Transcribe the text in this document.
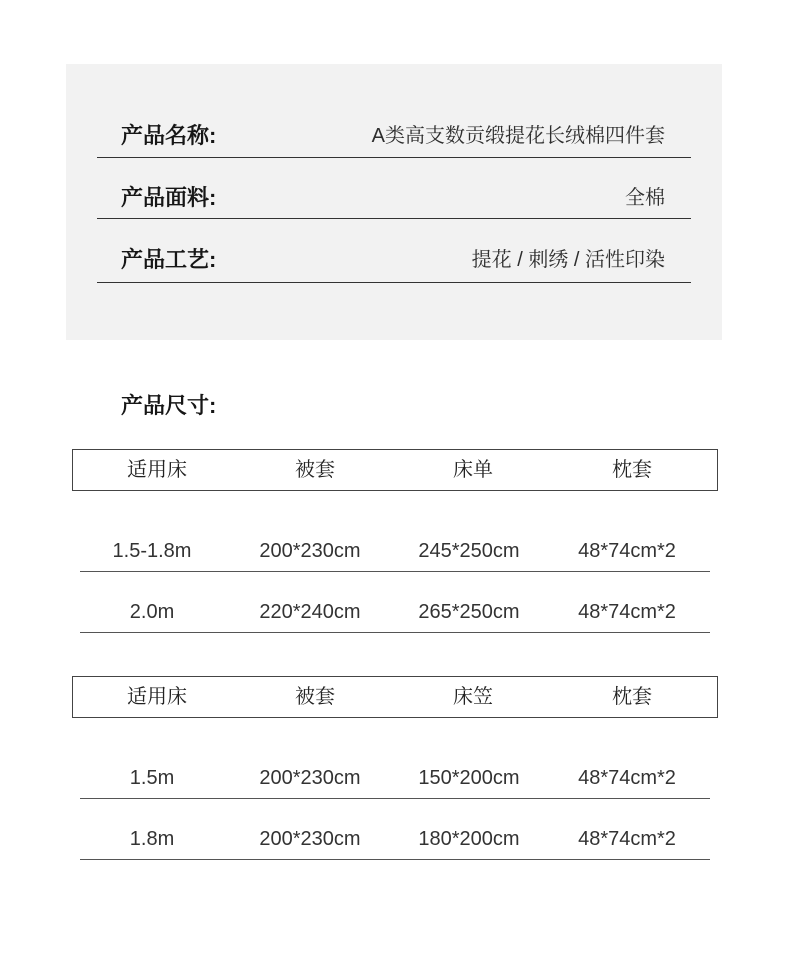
产品名称:	A类高支数贡缎提花长绒棉四件套
产品面料:	全棉
产品工艺:	提花 / 刺绣 / 活性印染
产品尺寸:
适用床	被套	床单	枕套
1.5-1.8m	200*230cm	245*250cm	48*74cm*2
2.0m	220*240cm	265*250cm	48*74cm*2
适用床	被套	床笠	枕套
1.5m	200*230cm	150*200cm	48*74cm*2
1.8m	200*230cm	180*200cm	48*74cm*2
